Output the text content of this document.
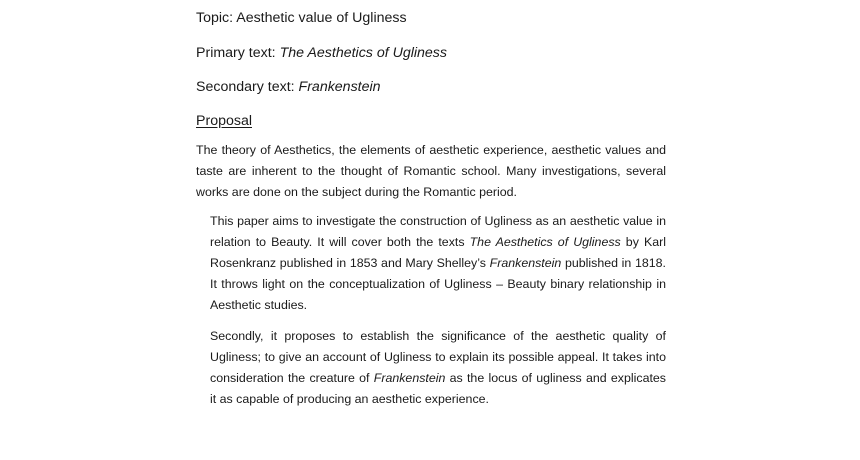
Topic: Aesthetic value of Ugliness

Primary text: The Aesthetics of Ugliness

Secondary text: Frankenstein

Proposal

The theory of Aesthetics, the elements of aesthetic experience, aesthetic values and taste are inherent to the thought of Romantic school. Many investigations, several works are done on the subject during the Romantic period.

This paper aims to investigate the construction of Ugliness as an aesthetic value in relation to Beauty. It will cover both the texts The Aesthetics of Ugliness by Karl Rosenkranz published in 1853 and Mary Shelley’s Frankenstein published in 1818. It throws light on the conceptualization of Ugliness – Beauty binary relationship in Aesthetic studies.

Secondly, it proposes to establish the significance of the aesthetic quality of Ugliness; to give an account of Ugliness to explain its possible appeal. It takes into consideration the creature of Frankenstein as the locus of ugliness and explicates it as capable of producing an aesthetic experience.
